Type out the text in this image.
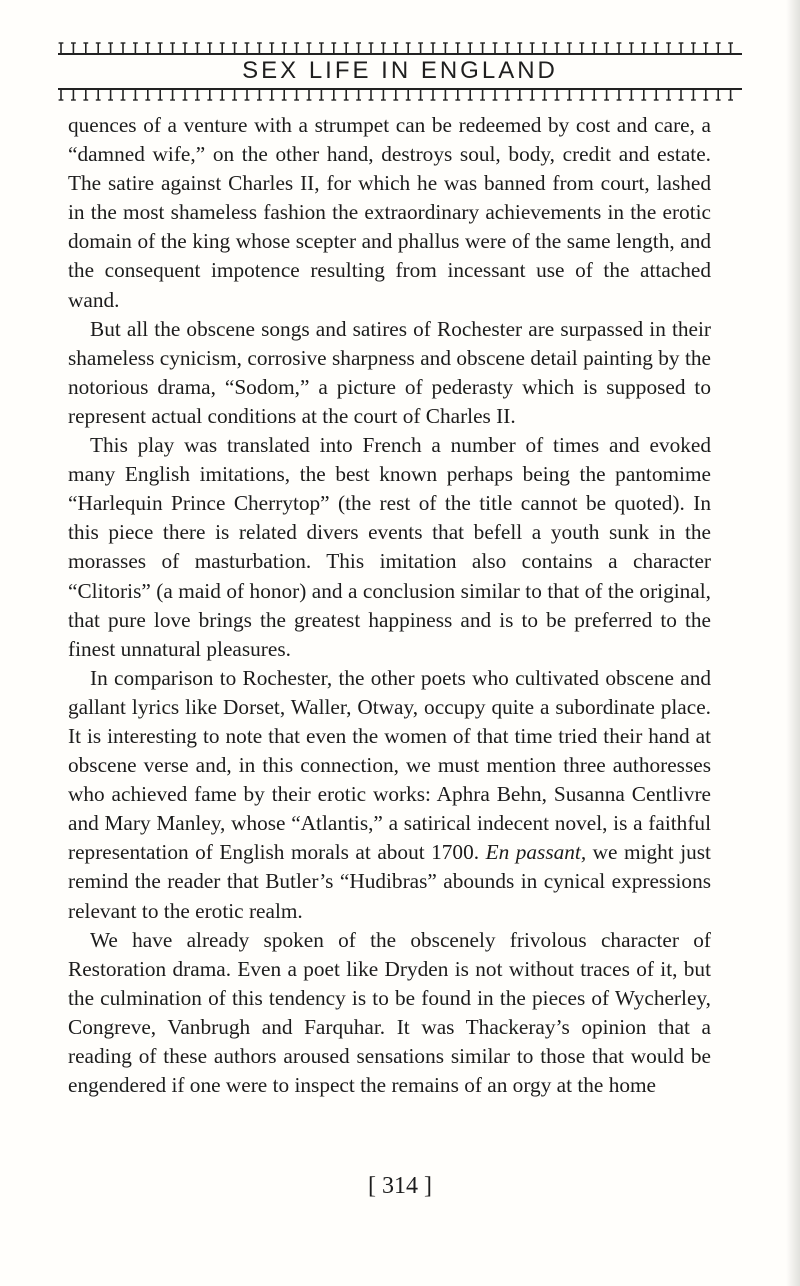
SEX LIFE IN ENGLAND

quences of a venture with a strumpet can be redeemed by cost and care, a “damned wife,” on the other hand, destroys soul, body, credit and estate. The satire against Charles II, for which he was banned from court, lashed in the most shameless fashion the extraordinary achievements in the erotic domain of the king whose scepter and phallus were of the same length, and the consequent impotence resulting from incessant use of the attached wand.

But all the obscene songs and satires of Rochester are surpassed in their shameless cynicism, corrosive sharpness and obscene detail painting by the notorious drama, “Sodom,” a picture of pederasty which is supposed to represent actual conditions at the court of Charles II.

This play was translated into French a number of times and evoked many English imitations, the best known perhaps being the pantomime “Harlequin Prince Cherrytop” (the rest of the title cannot be quoted). In this piece there is related divers events that befell a youth sunk in the morasses of masturbation. This imitation also contains a character “Clitoris” (a maid of honor) and a conclusion similar to that of the original, that pure love brings the greatest happiness and is to be preferred to the finest unnatural pleasures.

In comparison to Rochester, the other poets who cultivated obscene and gallant lyrics like Dorset, Waller, Otway, occupy quite a subordinate place. It is interesting to note that even the women of that time tried their hand at obscene verse and, in this connection, we must mention three authoresses who achieved fame by their erotic works: Aphra Behn, Susanna Centlivre and Mary Manley, whose “Atlantis,” a satirical indecent novel, is a faithful representation of English morals at about 1700. En passant, we might just remind the reader that Butler’s “Hudibras” abounds in cynical expressions relevant to the erotic realm.

We have already spoken of the obscenely frivolous character of Restoration drama. Even a poet like Dryden is not without traces of it, but the culmination of this tendency is to be found in the pieces of Wycherley, Congreve, Vanbrugh and Farquhar. It was Thackeray’s opinion that a reading of these authors aroused sensations similar to those that would be engendered if one were to inspect the remains of an orgy at the home

[ 314 ]
